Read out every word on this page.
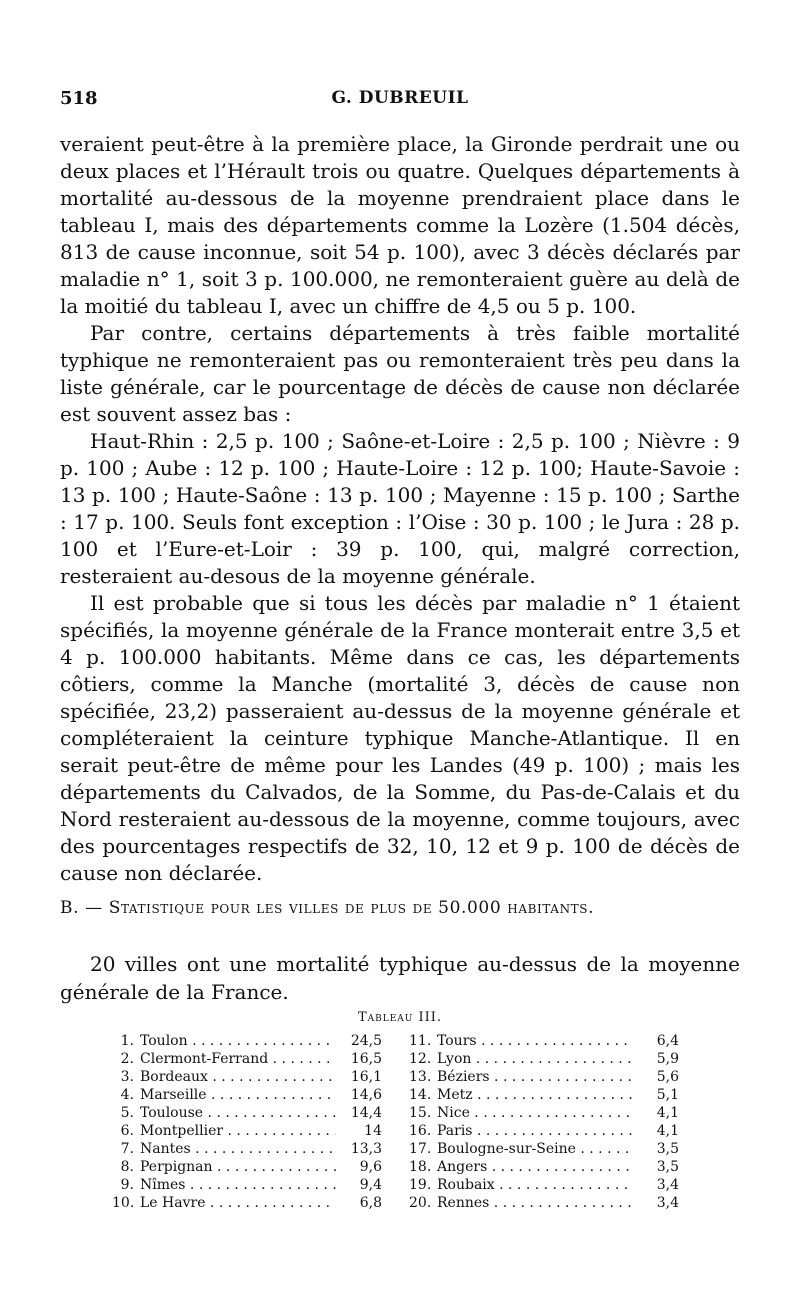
518	G. DUBREUIL

veraient peut-être à la première place, la Gironde perdrait une ou deux places et l’Hérault trois ou quatre. Quelques départements à mortalité au-dessous de la moyenne prendraient place dans le tableau I, mais des départements comme la Lozère (1.504 décès, 813 de cause inconnue, soit 54 p. 100), avec 3 décès déclarés par maladie n° 1, soit 3 p. 100.000, ne remonteraient guère au delà de la moitié du tableau I, avec un chiffre de 4,5 ou 5 p. 100.

Par contre, certains départements à très faible mortalité typhique ne remonteraient pas ou remonteraient très peu dans la liste générale, car le pourcentage de décès de cause non déclarée est souvent assez bas :

Haut-Rhin : 2,5 p. 100 ; Saône-et-Loire : 2,5 p. 100 ; Nièvre : 9 p. 100 ; Aube : 12 p. 100 ; Haute-Loire : 12 p. 100; Haute-Savoie : 13 p. 100 ; Haute-Saône : 13 p. 100 ; Mayenne : 15 p. 100 ; Sarthe : 17 p. 100. Seuls font exception : l’Oise : 30 p. 100 ; le Jura : 28 p. 100 et l’Eure-et-Loir : 39 p. 100, qui, malgré correction, resteraient au-desous de la moyenne générale.

Il est probable que si tous les décès par maladie n° 1 étaient spécifiés, la moyenne générale de la France monterait entre 3,5 et 4 p. 100.000 habitants. Même dans ce cas, les départements côtiers, comme la Manche (mortalité 3, décès de cause non spécifiée, 23,2) passeraient au-dessus de la moyenne générale et compléteraient la ceinture typhique Manche-Atlantique. Il en serait peut-être de même pour les Landes (49 p. 100) ; mais les départements du Calvados, de la Somme, du Pas-de-Calais et du Nord resteraient au-dessous de la moyenne, comme toujours, avec des pourcentages respectifs de 32, 10, 12 et 9 p. 100 de décès de cause non déclarée.

B. — Statistique pour les villes de plus de 50.000 habitants.

20 villes ont une mortalité typhique au-dessus de la moyenne générale de la France.

Tableau III.
1. Toulon . . .	24,5
2. Clermont-Ferrand . . .	16,5
3. Bordeaux . . .	16,1
4. Marseille . . .	14,6
5. Toulouse . . .	14,4
6. Montpellier . . .	14
7. Nantes . . .	13,3
8. Perpignan . . .	9,6
9. Nîmes . . .	9,4
10. Le Havre . . .	6,8
11. Tours . . .	6,4
12. Lyon . . .	5,9
13. Béziers . . .	5,6
14. Metz . . .	5,1
15. Nice . . .	4,1
16. Paris . . .	4,1
17. Boulogne-sur-Seine . . .	3,5
18. Angers . . .	3,5
19. Roubaix . . .	3,4
20. Rennes . . .	3,4
